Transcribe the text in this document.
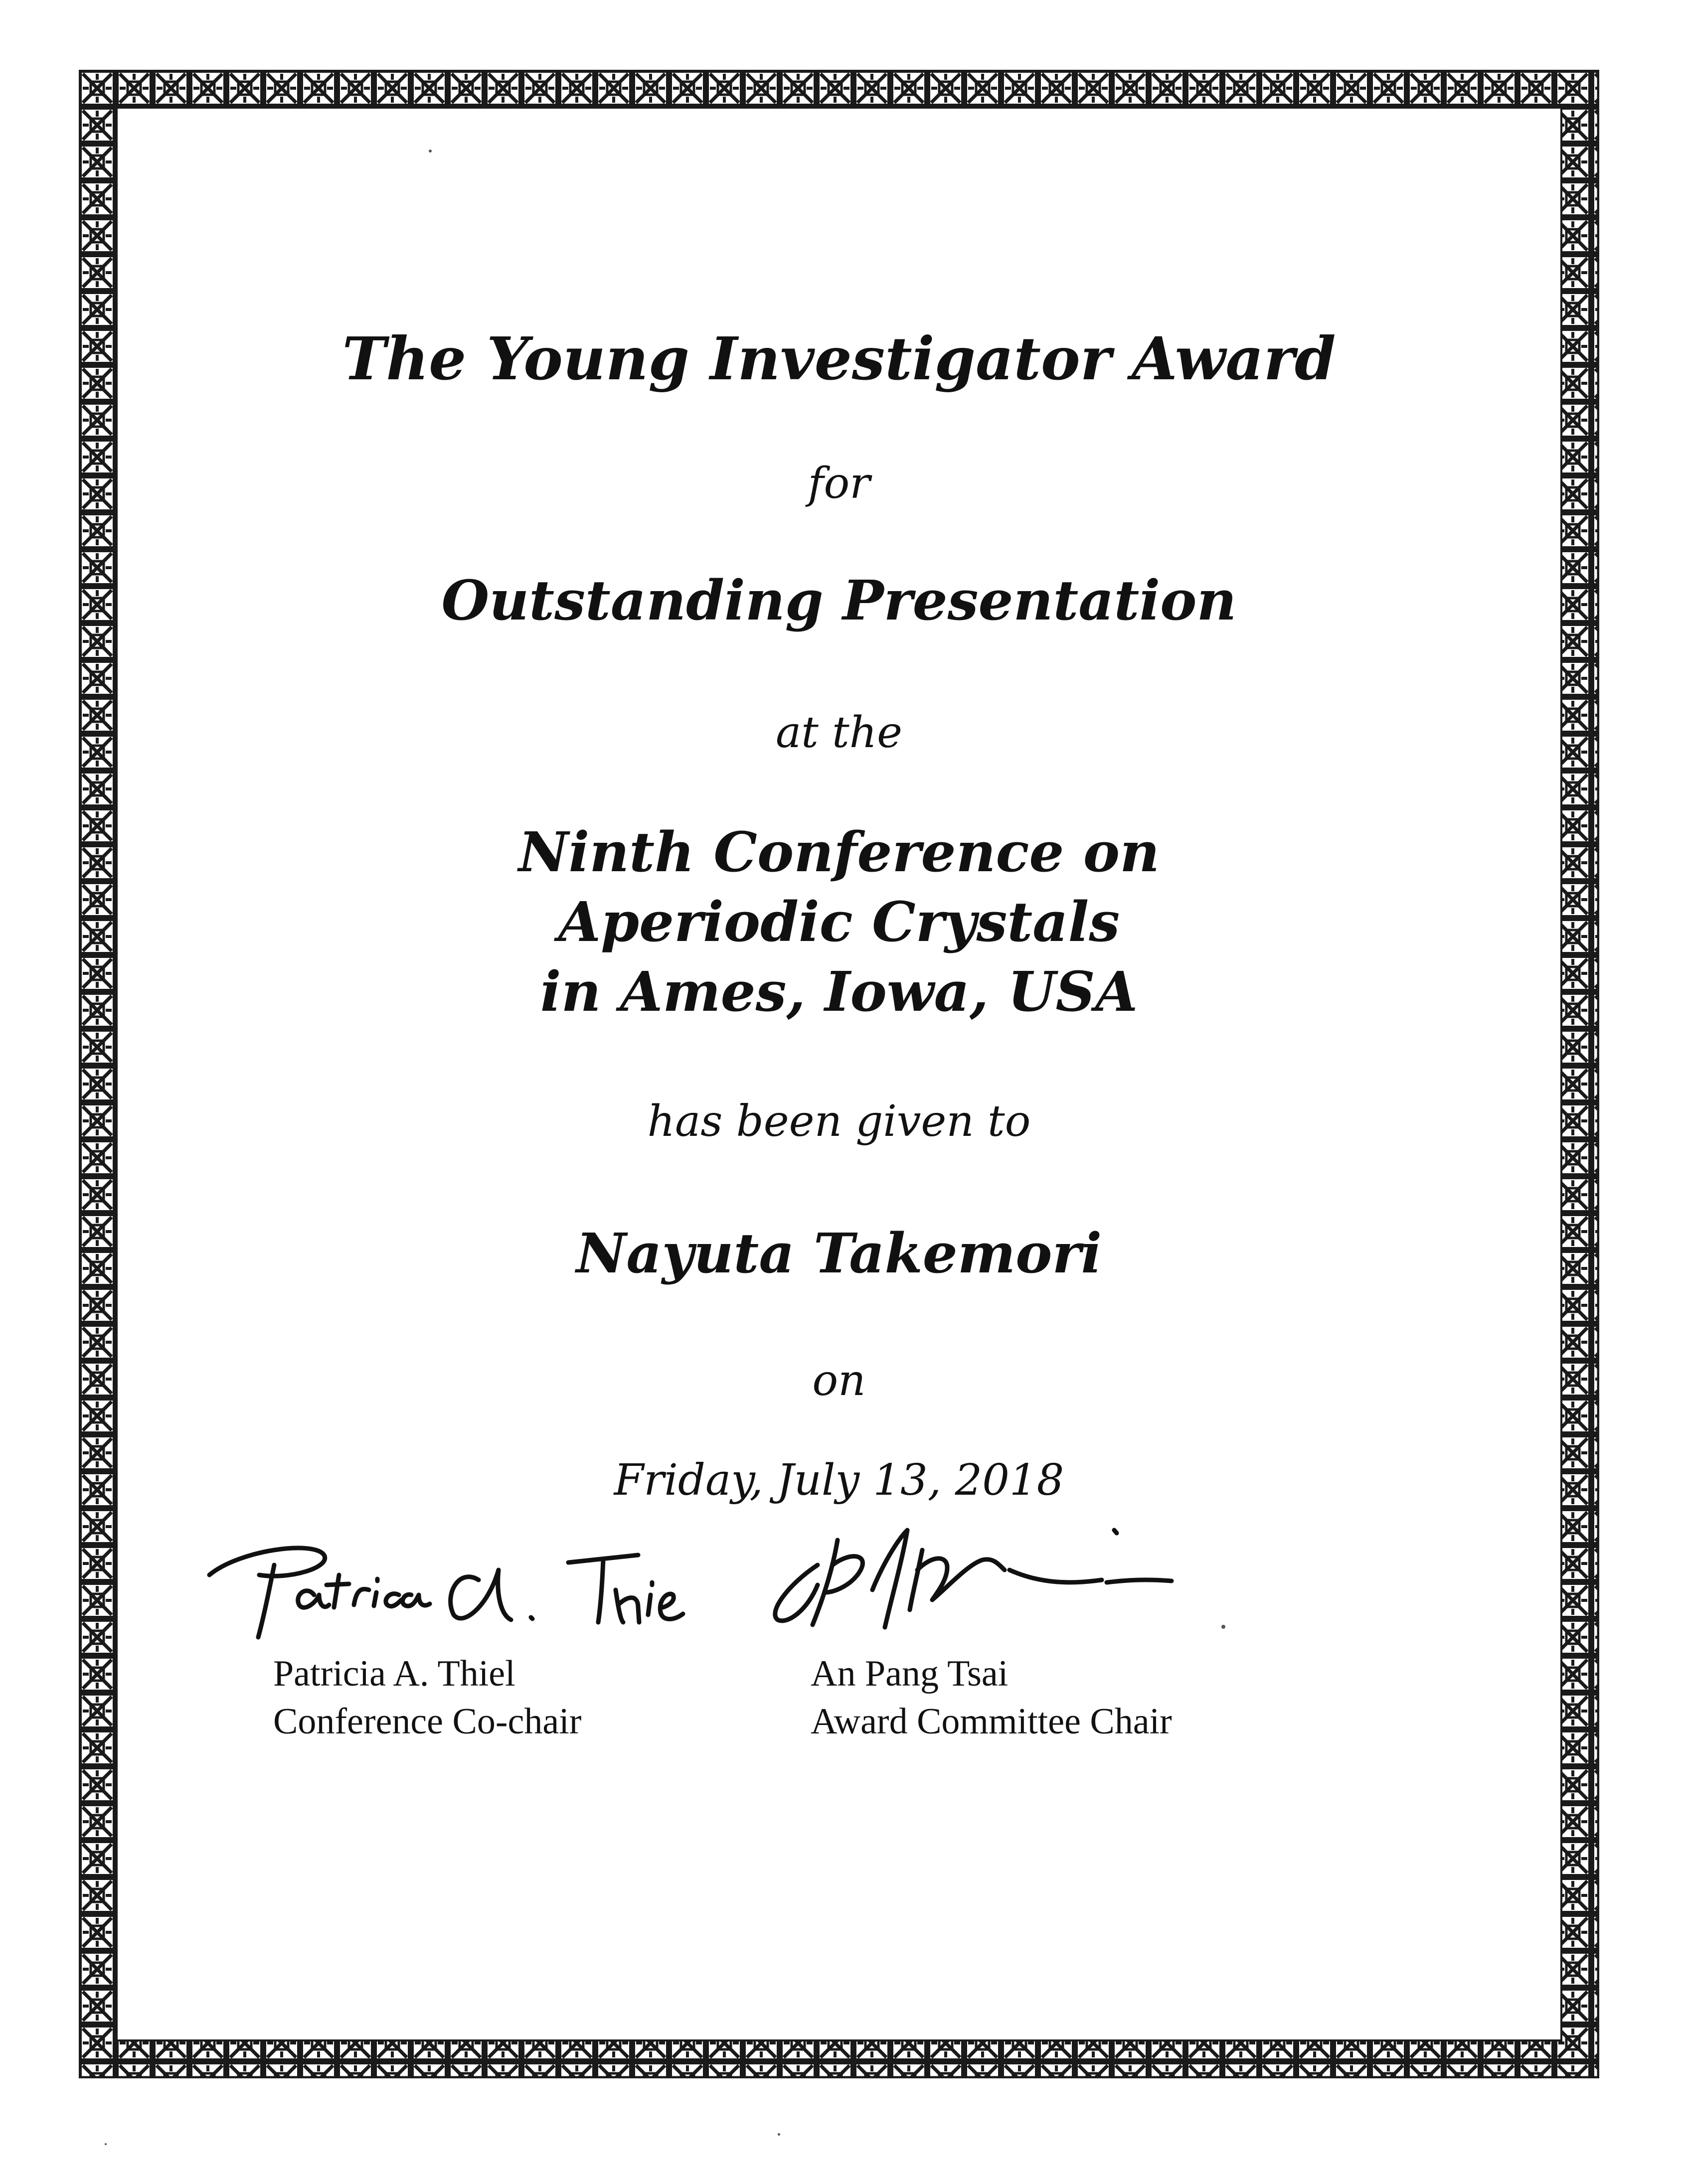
The Young Investigator Award
for
Outstanding Presentation
at the
Ninth Conference on
Aperiodic Crystals
in Ames, Iowa, USA
has been given to
Nayuta Takemori
on
Friday, July 13, 2018
Patricia A. Thiel
Conference Co-chair
An Pang Tsai
Award Committee Chair
